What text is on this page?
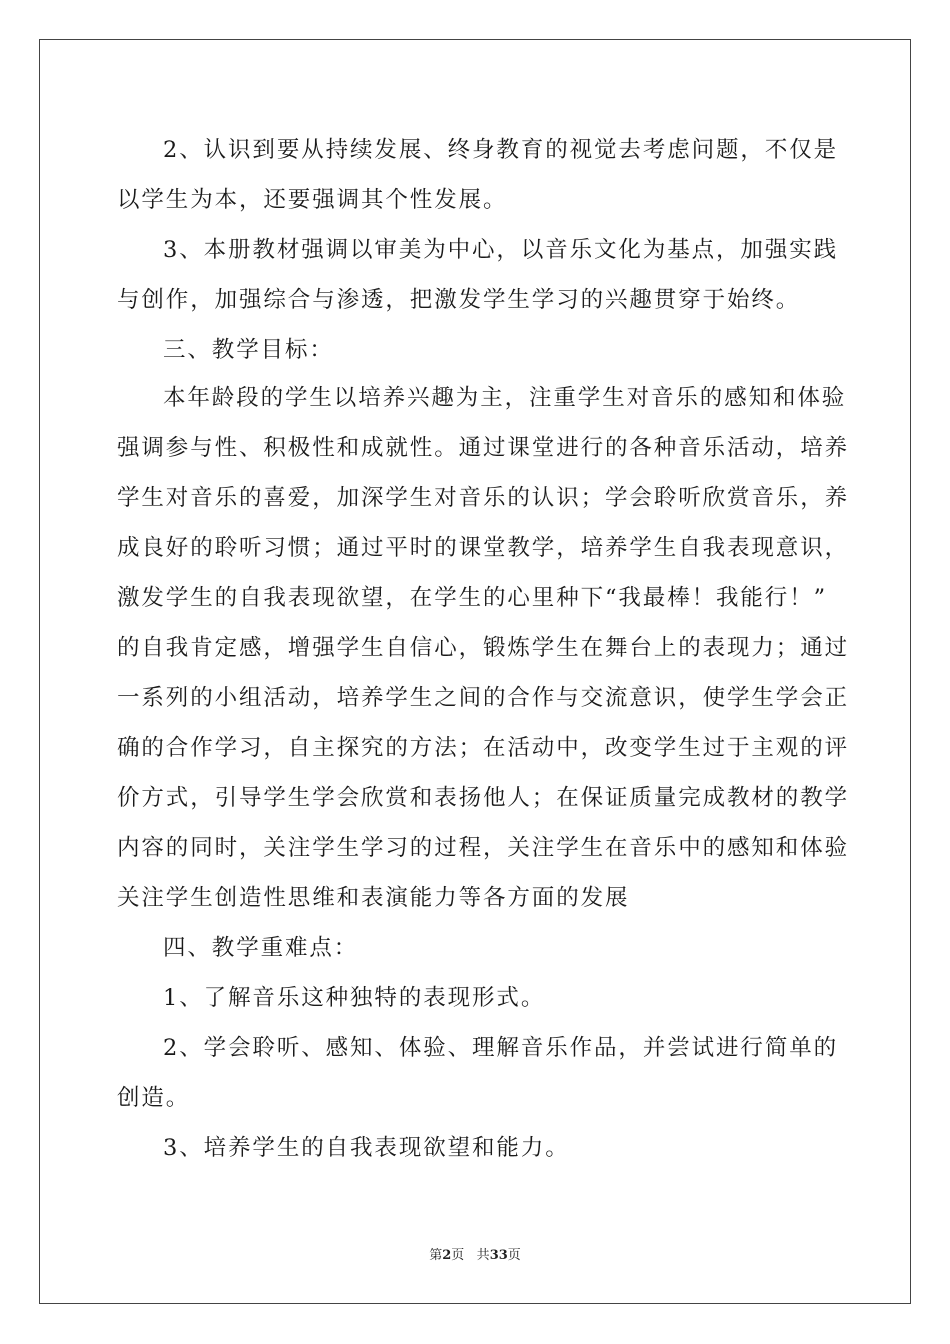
2、认识到要从持续发展、终身教育的视觉去考虑问题，不仅是
以学生为本，还要强调其个性发展。
3、本册教材强调以审美为中心，以音乐文化为基点，加强实践
与创作，加强综合与渗透，把激发学生学习的兴趣贯穿于始终。
三、教学目标：
本年龄段的学生以培养兴趣为主，注重学生对音乐的感知和体验
强调参与性、积极性和成就性。通过课堂进行的各种音乐活动，培养
学生对音乐的喜爱，加深学生对音乐的认识；学会聆听欣赏音乐，养
成良好的聆听习惯；通过平时的课堂教学，培养学生自我表现意识，
激发学生的自我表现欲望，在学生的心里种下“我最棒！我能行！”
的自我肯定感，增强学生自信心，锻炼学生在舞台上的表现力；通过
一系列的小组活动，培养学生之间的合作与交流意识，使学生学会正
确的合作学习，自主探究的方法；在活动中，改变学生过于主观的评
价方式，引导学生学会欣赏和表扬他人；在保证质量完成教材的教学
内容的同时，关注学生学习的过程，关注学生在音乐中的感知和体验
关注学生创造性思维和表演能力等各方面的发展
四、教学重难点：
1、了解音乐这种独特的表现形式。
2、学会聆听、感知、体验、理解音乐作品，并尝试进行简单的
创造。
3、培养学生的自我表现欲望和能力。
第2页 共33页
